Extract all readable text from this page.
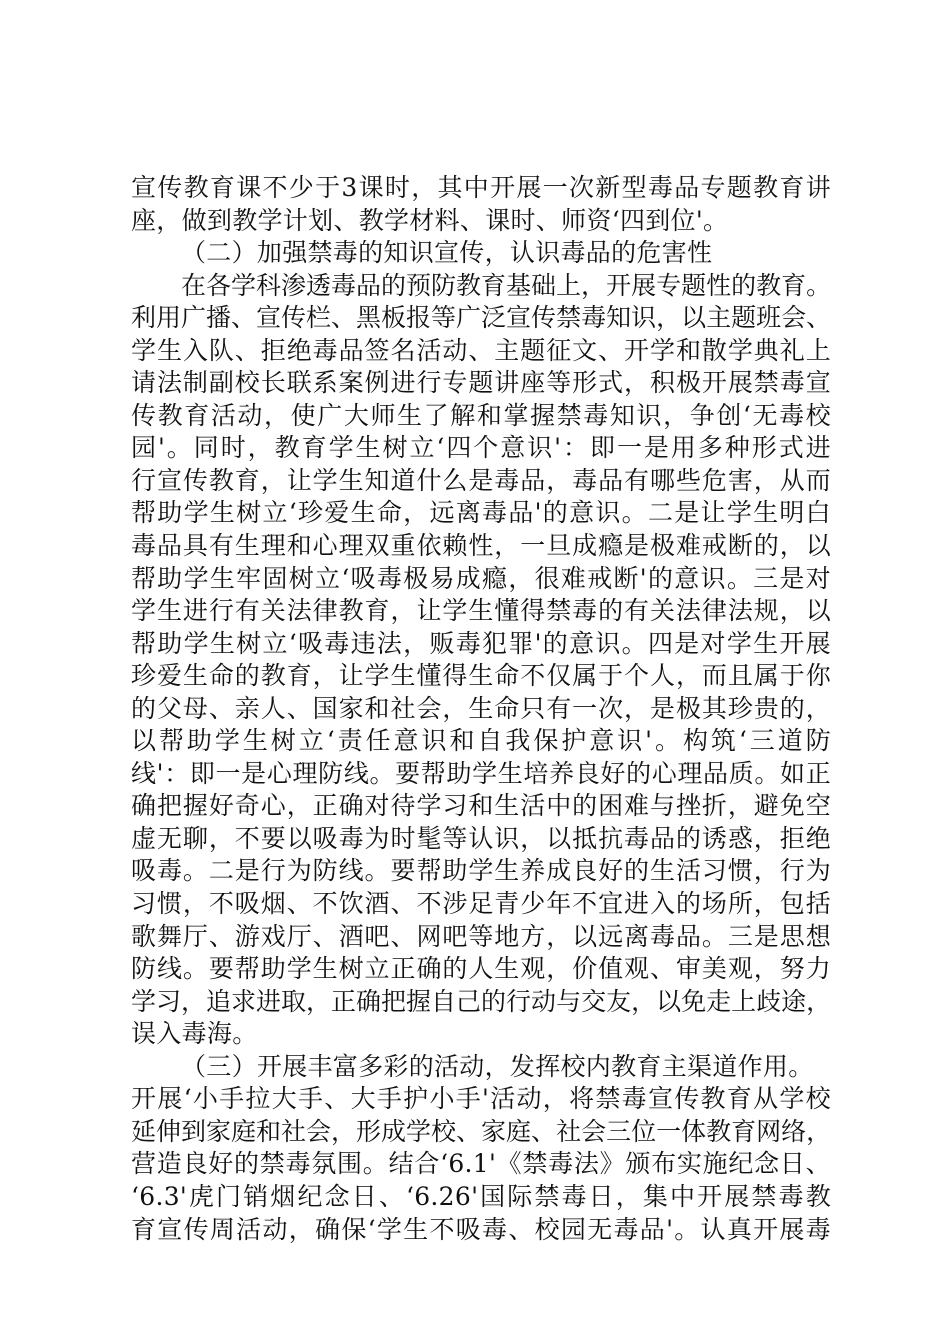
宣传教育课不少于3课时，其中开展一次新型毒品专题教育讲
座，做到教学计划、教学材料、课时、师资‘四到位'。
（二）加强禁毒的知识宣传，认识毒品的危害性
在各学科渗透毒品的预防教育基础上，开展专题性的教育。
利用广播、宣传栏、黑板报等广泛宣传禁毒知识，以主题班会、
学生入队、拒绝毒品签名活动、主题征文、开学和散学典礼上
请法制副校长联系案例进行专题讲座等形式，积极开展禁毒宣
传教育活动，使广大师生了解和掌握禁毒知识，争创‘无毒校
园'。同时，教育学生树立‘四个意识'：即一是用多种形式进
行宣传教育，让学生知道什么是毒品，毒品有哪些危害，从而
帮助学生树立‘珍爱生命，远离毒品'的意识。二是让学生明白
毒品具有生理和心理双重依赖性，一旦成瘾是极难戒断的，以
帮助学生牢固树立‘吸毒极易成瘾，很难戒断'的意识。三是对
学生进行有关法律教育，让学生懂得禁毒的有关法律法规，以
帮助学生树立‘吸毒违法，贩毒犯罪'的意识。四是对学生开展
珍爱生命的教育，让学生懂得生命不仅属于个人，而且属于你
的父母、亲人、国家和社会，生命只有一次，是极其珍贵的，
以帮助学生树立‘责任意识和自我保护意识'。构筑‘三道防
线'：即一是心理防线。要帮助学生培养良好的心理品质。如正
确把握好奇心，正确对待学习和生活中的困难与挫折，避免空
虚无聊，不要以吸毒为时髦等认识，以抵抗毒品的诱惑，拒绝
吸毒。二是行为防线。要帮助学生养成良好的生活习惯，行为
习惯，不吸烟、不饮酒、不涉足青少年不宜进入的场所，包括
歌舞厅、游戏厅、酒吧、网吧等地方，以远离毒品。三是思想
防线。要帮助学生树立正确的人生观，价值观、审美观，努力
学习，追求进取，正确把握自己的行动与交友，以免走上歧途，
误入毒海。
（三）开展丰富多彩的活动，发挥校内教育主渠道作用。
开展‘小手拉大手、大手护小手'活动，将禁毒宣传教育从学校
延伸到家庭和社会，形成学校、家庭、社会三位一体教育网络，
营造良好的禁毒氛围。结合‘6.1'《禁毒法》颁布实施纪念日、
‘6.3'虎门销烟纪念日、‘6.26'国际禁毒日，集中开展禁毒教
育宣传周活动，确保‘学生不吸毒、校园无毒品'。认真开展毒
